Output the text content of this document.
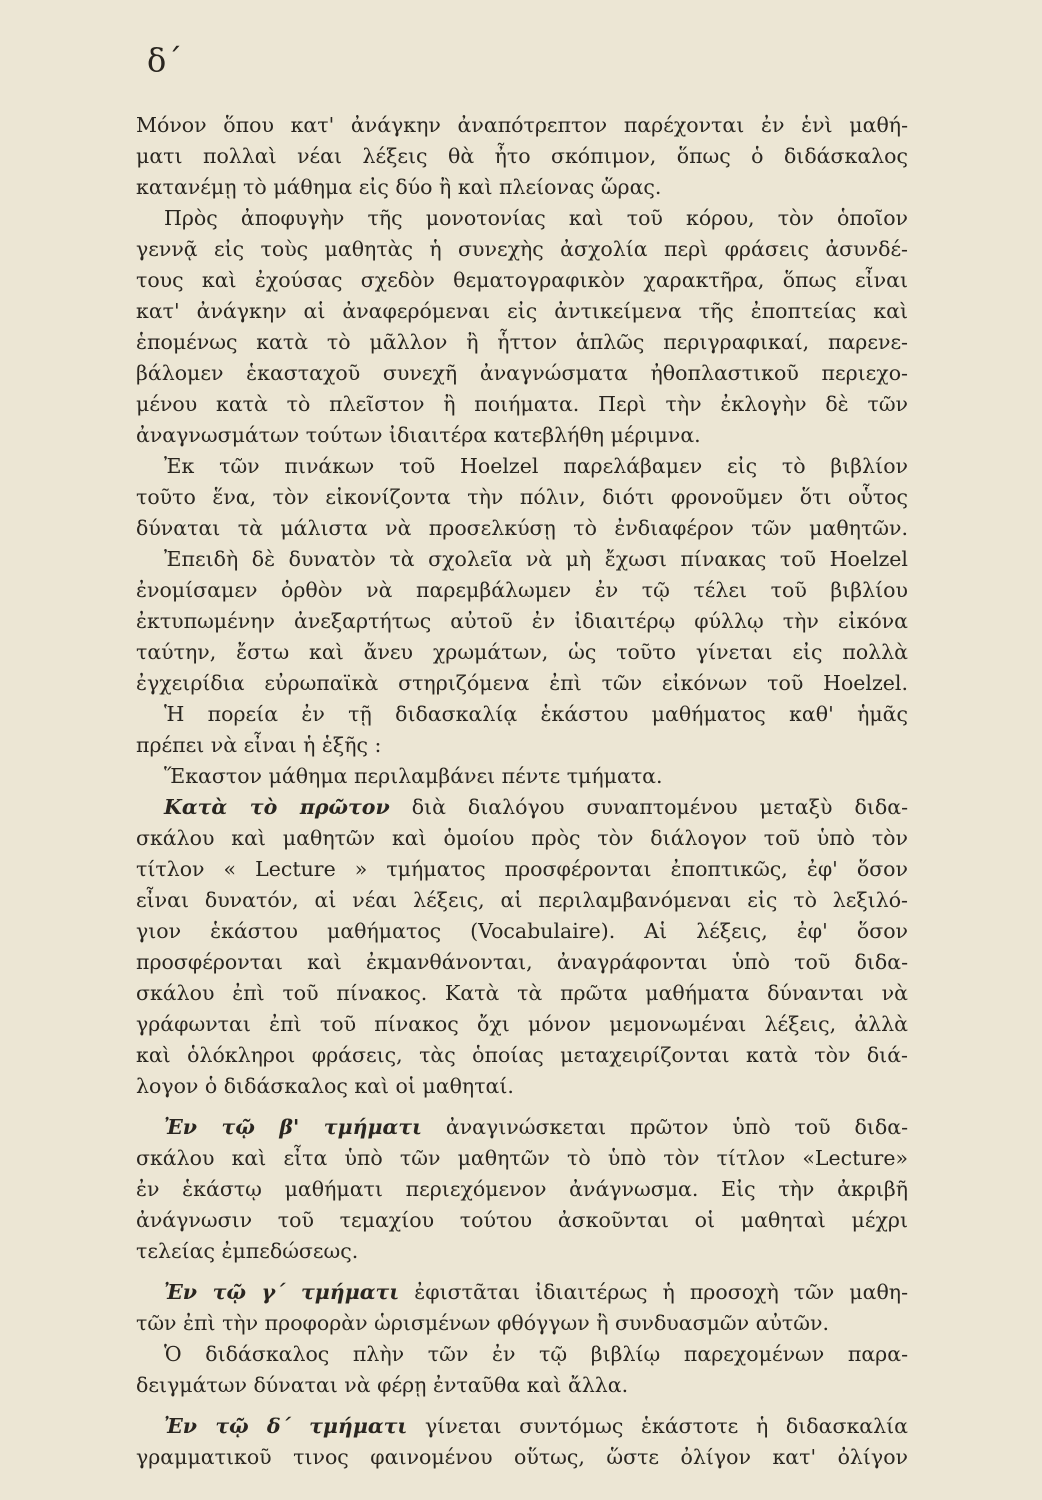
δ΄
Μόνον ὅπου κατ' ἀνάγκην ἀναπότρεπτον παρέχονται ἐν ἑνὶ μαθή-
ματι πολλαὶ νέαι λέξεις θὰ ἦτο σκόπιμον, ὅπως ὁ διδάσκαλος
κατανέμῃ τὸ μάθημα εἰς δύο ἢ καὶ πλείονας ὥρας.
Πρὸς ἀποφυγὴν τῆς μονοτονίας καὶ τοῦ κόρου, τὸν ὁποῖον
γεννᾷ εἰς τοὺς μαθητὰς ἡ συνεχὴς ἀσχολία περὶ φράσεις ἀσυνδέ-
τους καὶ ἐχούσας σχεδὸν θεματογραφικὸν χαρακτῆρα, ὅπως εἶναι
κατ' ἀνάγκην αἱ ἀναφερόμεναι εἰς ἀντικείμενα τῆς ἐποπτείας καὶ
ἑπομένως κατὰ τὸ μᾶλλον ἢ ἧττον ἁπλῶς περιγραφικαί, παρενε-
βάλομεν ἑκασταχοῦ συνεχῆ ἀναγνώσματα ἠθοπλαστικοῦ περιεχο-
μένου κατὰ τὸ πλεῖστον ἢ ποιήματα. Περὶ τὴν ἐκλογὴν δὲ τῶν
ἀναγνωσμάτων τούτων ἰδιαιτέρα κατεβλήθη μέριμνα.
Ἐκ τῶν πινάκων τοῦ Hoelzel παρελάβαμεν εἰς τὸ βιβλίον
τοῦτο ἕνα, τὸν εἰκονίζοντα τὴν πόλιν, διότι φρονοῦμεν ὅτι οὗτος
δύναται τὰ μάλιστα νὰ προσελκύσῃ τὸ ἐνδιαφέρον τῶν μαθητῶν.
Ἐπειδὴ δὲ δυνατὸν τὰ σχολεῖα νὰ μὴ ἔχωσι πίνακας τοῦ Hoelzel
ἐνομίσαμεν ὀρθὸν νὰ παρεμβάλωμεν ἐν τῷ τέλει τοῦ βιβλίου
ἐκτυπωμένην ἀνεξαρτήτως αὐτοῦ ἐν ἰδιαιτέρῳ φύλλῳ τὴν εἰκόνα
ταύτην, ἔστω καὶ ἄνευ χρωμάτων, ὡς τοῦτο γίνεται εἰς πολλὰ
ἐγχειρίδια εὐρωπαϊκὰ στηριζόμενα ἐπὶ τῶν εἰκόνων τοῦ Hoelzel.
Ἡ πορεία ἐν τῇ διδασκαλίᾳ ἑκάστου μαθήματος καθ' ἡμᾶς
πρέπει νὰ εἶναι ἡ ἑξῆς :
Ἕκαστον μάθημα περιλαμβάνει πέντε τμήματα.
Κατὰ τὸ πρῶτον διὰ διαλόγου συναπτομένου μεταξὺ διδα-
σκάλου καὶ μαθητῶν καὶ ὁμοίου πρὸς τὸν διάλογον τοῦ ὑπὸ τὸν
τίτλον « Lecture » τμήματος προσφέρονται ἐποπτικῶς, ἐφ' ὅσον
εἶναι δυνατόν, αἱ νέαι λέξεις, αἱ περιλαμβανόμεναι εἰς τὸ λεξιλό-
γιον ἑκάστου μαθήματος (Vocabulaire). Αἱ λέξεις, ἐφ' ὅσον
προσφέρονται καὶ ἐκμανθάνονται, ἀναγράφονται ὑπὸ τοῦ διδα-
σκάλου ἐπὶ τοῦ πίνακος. Κατὰ τὰ πρῶτα μαθήματα δύνανται νὰ
γράφωνται ἐπὶ τοῦ πίνακος ὄχι μόνον μεμονωμέναι λέξεις, ἀλλὰ
καὶ ὁλόκληροι φράσεις, τὰς ὁποίας μεταχειρίζονται κατὰ τὸν διά-
λογον ὁ διδάσκαλος καὶ οἱ μαθηταί.
Ἐν τῷ β' τμήματι ἀναγινώσκεται πρῶτον ὑπὸ τοῦ διδα-
σκάλου καὶ εἶτα ὑπὸ τῶν μαθητῶν τὸ ὑπὸ τὸν τίτλον «Lecture»
ἐν ἑκάστῳ μαθήματι περιεχόμενον ἀνάγνωσμα. Εἰς τὴν ἀκριβῆ
ἀνάγνωσιν τοῦ τεμαχίου τούτου ἀσκοῦνται οἱ μαθηταὶ μέχρι
τελείας ἐμπεδώσεως.
Ἐν τῷ γ΄ τμήματι ἐφιστᾶται ἰδιαιτέρως ἡ προσοχὴ τῶν μαθη-
τῶν ἐπὶ τὴν προφορὰν ὡρισμένων φθόγγων ἢ συνδυασμῶν αὐτῶν.
Ὁ διδάσκαλος πλὴν τῶν ἐν τῷ βιβλίῳ παρεχομένων παρα-
δειγμάτων δύναται νὰ φέρῃ ἐνταῦθα καὶ ἄλλα.
Ἐν τῷ δ΄ τμήματι γίνεται συντόμως ἑκάστοτε ἡ διδασκαλία
γραμματικοῦ τινος φαινομένου οὕτως, ὥστε ὀλίγον κατ' ὀλίγον
